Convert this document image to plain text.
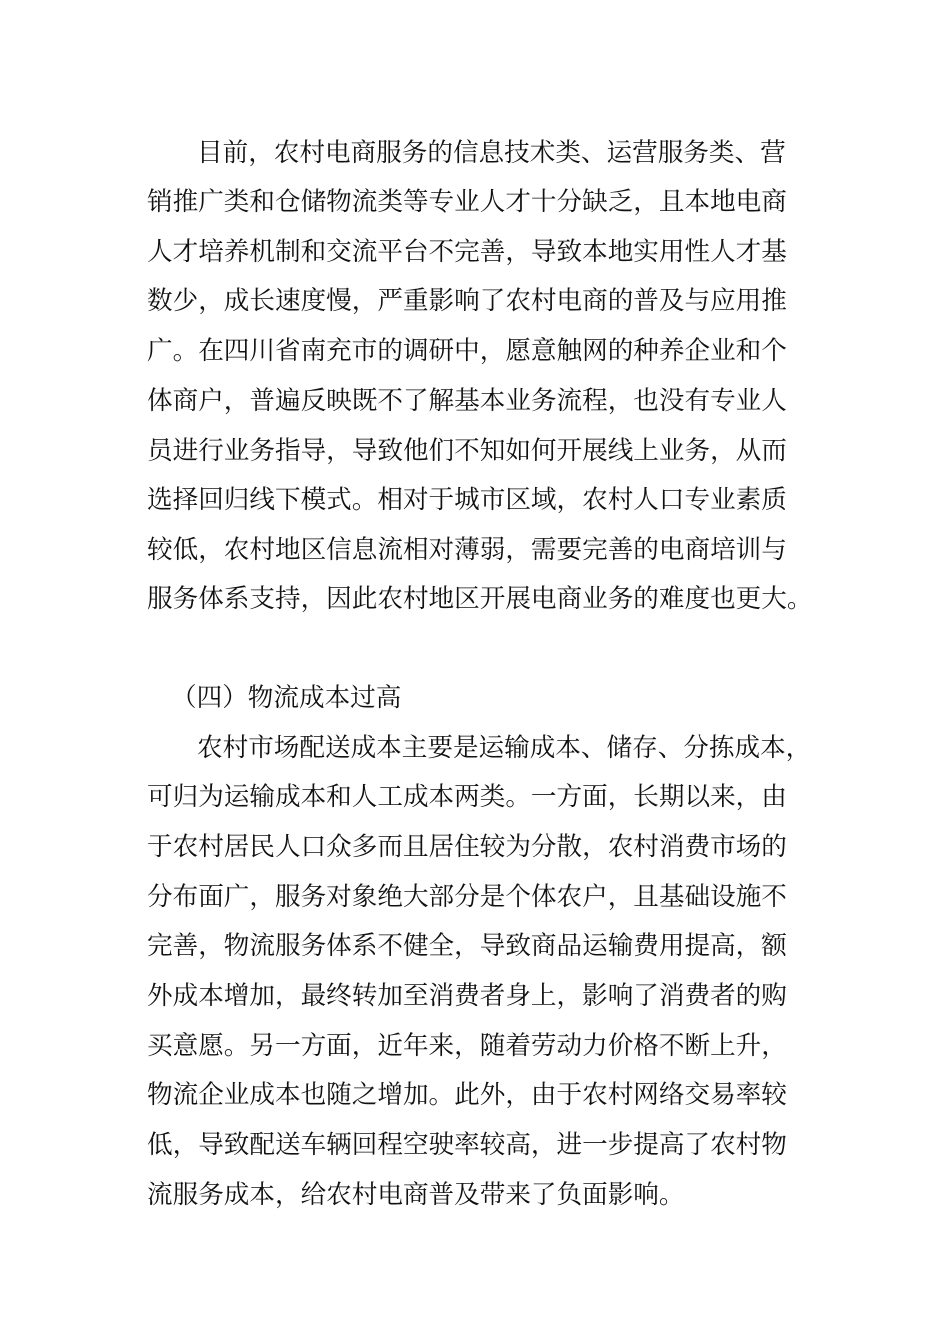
目前，农村电商服务的信息技术类、运营服务类、营
销推广类和仓储物流类等专业人才十分缺乏，且本地电商
人才培养机制和交流平台不完善，导致本地实用性人才基
数少，成长速度慢，严重影响了农村电商的普及与应用推
广。在四川省南充市的调研中，愿意触网的种养企业和个
体商户，普遍反映既不了解基本业务流程，也没有专业人
员进行业务指导，导致他们不知如何开展线上业务，从而
选择回归线下模式。相对于城市区域，农村人口专业素质
较低，农村地区信息流相对薄弱，需要完善的电商培训与
服务体系支持，因此农村地区开展电商业务的难度也更大。
（四）物流成本过高
农村市场配送成本主要是运输成本、储存、分拣成本，
可归为运输成本和人工成本两类。一方面，长期以来，由
于农村居民人口众多而且居住较为分散，农村消费市场的
分布面广，服务对象绝大部分是个体农户，且基础设施不
完善，物流服务体系不健全，导致商品运输费用提高，额
外成本增加，最终转加至消费者身上，影响了消费者的购
买意愿。另一方面，近年来，随着劳动力价格不断上升，
物流企业成本也随之增加。此外，由于农村网络交易率较
低，导致配送车辆回程空驶率较高，进一步提高了农村物
流服务成本，给农村电商普及带来了负面影响。
